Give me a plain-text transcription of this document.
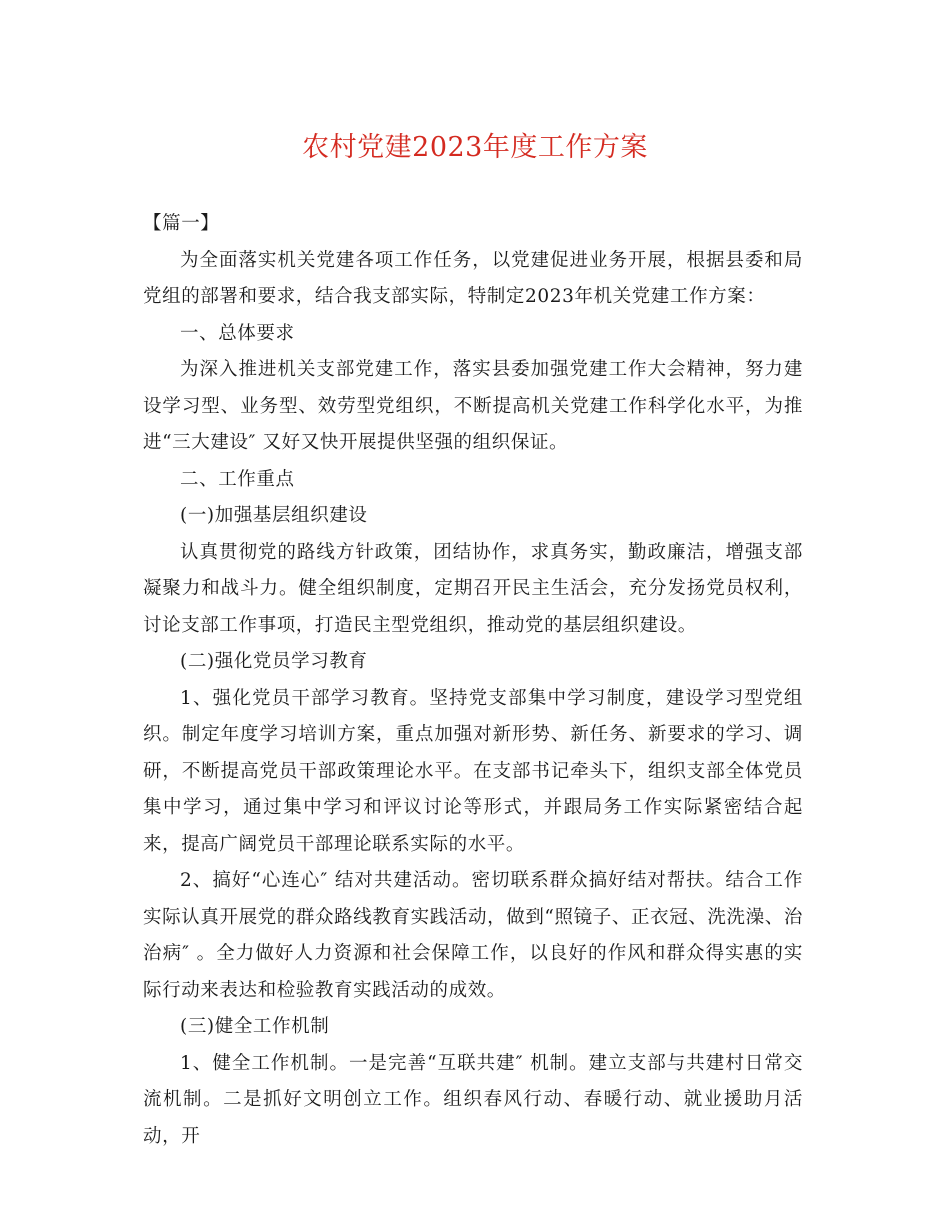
农村党建2023年度工作方案

【篇一】

为全面落实机关党建各项工作任务，以党建促进业务开展，根据县委和局党组的部署和要求，结合我支部实际，特制定2023年机关党建工作方案：

一、总体要求

为深入推进机关支部党建工作，落实县委加强党建工作大会精神，努力建设学习型、业务型、效劳型党组织，不断提高机关党建工作科学化水平，为推进“三大建设″ 又好又快开展提供坚强的组织保证。

二、工作重点

(一)加强基层组织建设

认真贯彻党的路线方针政策，团结协作，求真务实，勤政廉洁，增强支部凝聚力和战斗力。健全组织制度，定期召开民主生活会，充分发扬党员权利，讨论支部工作事项，打造民主型党组织，推动党的基层组织建设。

(二)强化党员学习教育

1、强化党员干部学习教育。坚持党支部集中学习制度，建设学习型党组织。制定年度学习培训方案，重点加强对新形势、新任务、新要求的学习、调研，不断提高党员干部政策理论水平。在支部书记牵头下，组织支部全体党员集中学习，通过集中学习和评议讨论等形式，并跟局务工作实际紧密结合起来，提高广阔党员干部理论联系实际的水平。

2、搞好“心连心″ 结对共建活动。密切联系群众搞好结对帮扶。结合工作实际认真开展党的群众路线教育实践活动，做到“照镜子、正衣冠、洗洗澡、治治病″ 。全力做好人力资源和社会保障工作，以良好的作风和群众得实惠的实际行动来表达和检验教育实践活动的成效。

(三)健全工作机制

1、健全工作机制。一是完善“互联共建″ 机制。建立支部与共建村日常交流机制。二是抓好文明创立工作。组织春风行动、春暖行动、就业援助月活动，开
